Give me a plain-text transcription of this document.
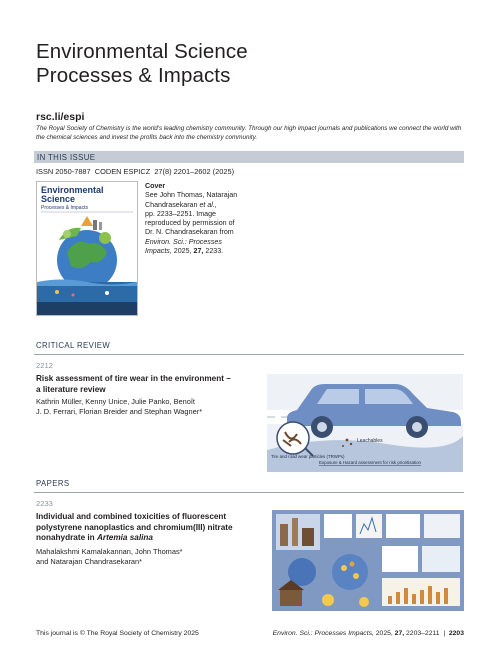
Environmental Science
Processes & Impacts
rsc.li/espi
The Royal Society of Chemistry is the world's leading chemistry community. Through our high impact journals and publications we connect the world with the chemical sciences and invest the profits back into the chemistry community.
IN THIS ISSUE
ISSN 2050-7887 CODEN ESPICZ 27(8) 2201–2602 (2025)
Environmental
Science
Processes & Impacts
Cover
See John Thomas, Natarajan
Chandrasekaran et al.,
pp. 2233–2251. Image
reproduced by permission of
Dr. N. Chandrasekaran from
Environ. Sci.: Processes
Impacts, 2025, 27, 2233.
CRITICAL REVIEW
2212
Risk assessment of tire wear in the environment –
a literature review
Kathrin Müller, Kenny Unice, Julie Panko, Benoît
J. D. Ferrari, Florian Breider and Stephan Wagner*
Tire and road wear particles (TRWPs)
Leachables
Exposure & Hazard assessment for risk prioritisation
PAPERS
2233
Individual and combined toxicities of fluorescent
polystyrene nanoplastics and chromium(III) nitrate
nonahydrate in Artemia salina
Mahalakshmi Kamalakannan, John Thomas*
and Natarajan Chandrasekaran*
This journal is © The Royal Society of Chemistry 2025	Environ. Sci.: Processes Impacts, 2025, 27, 2203–2211 | 2203
